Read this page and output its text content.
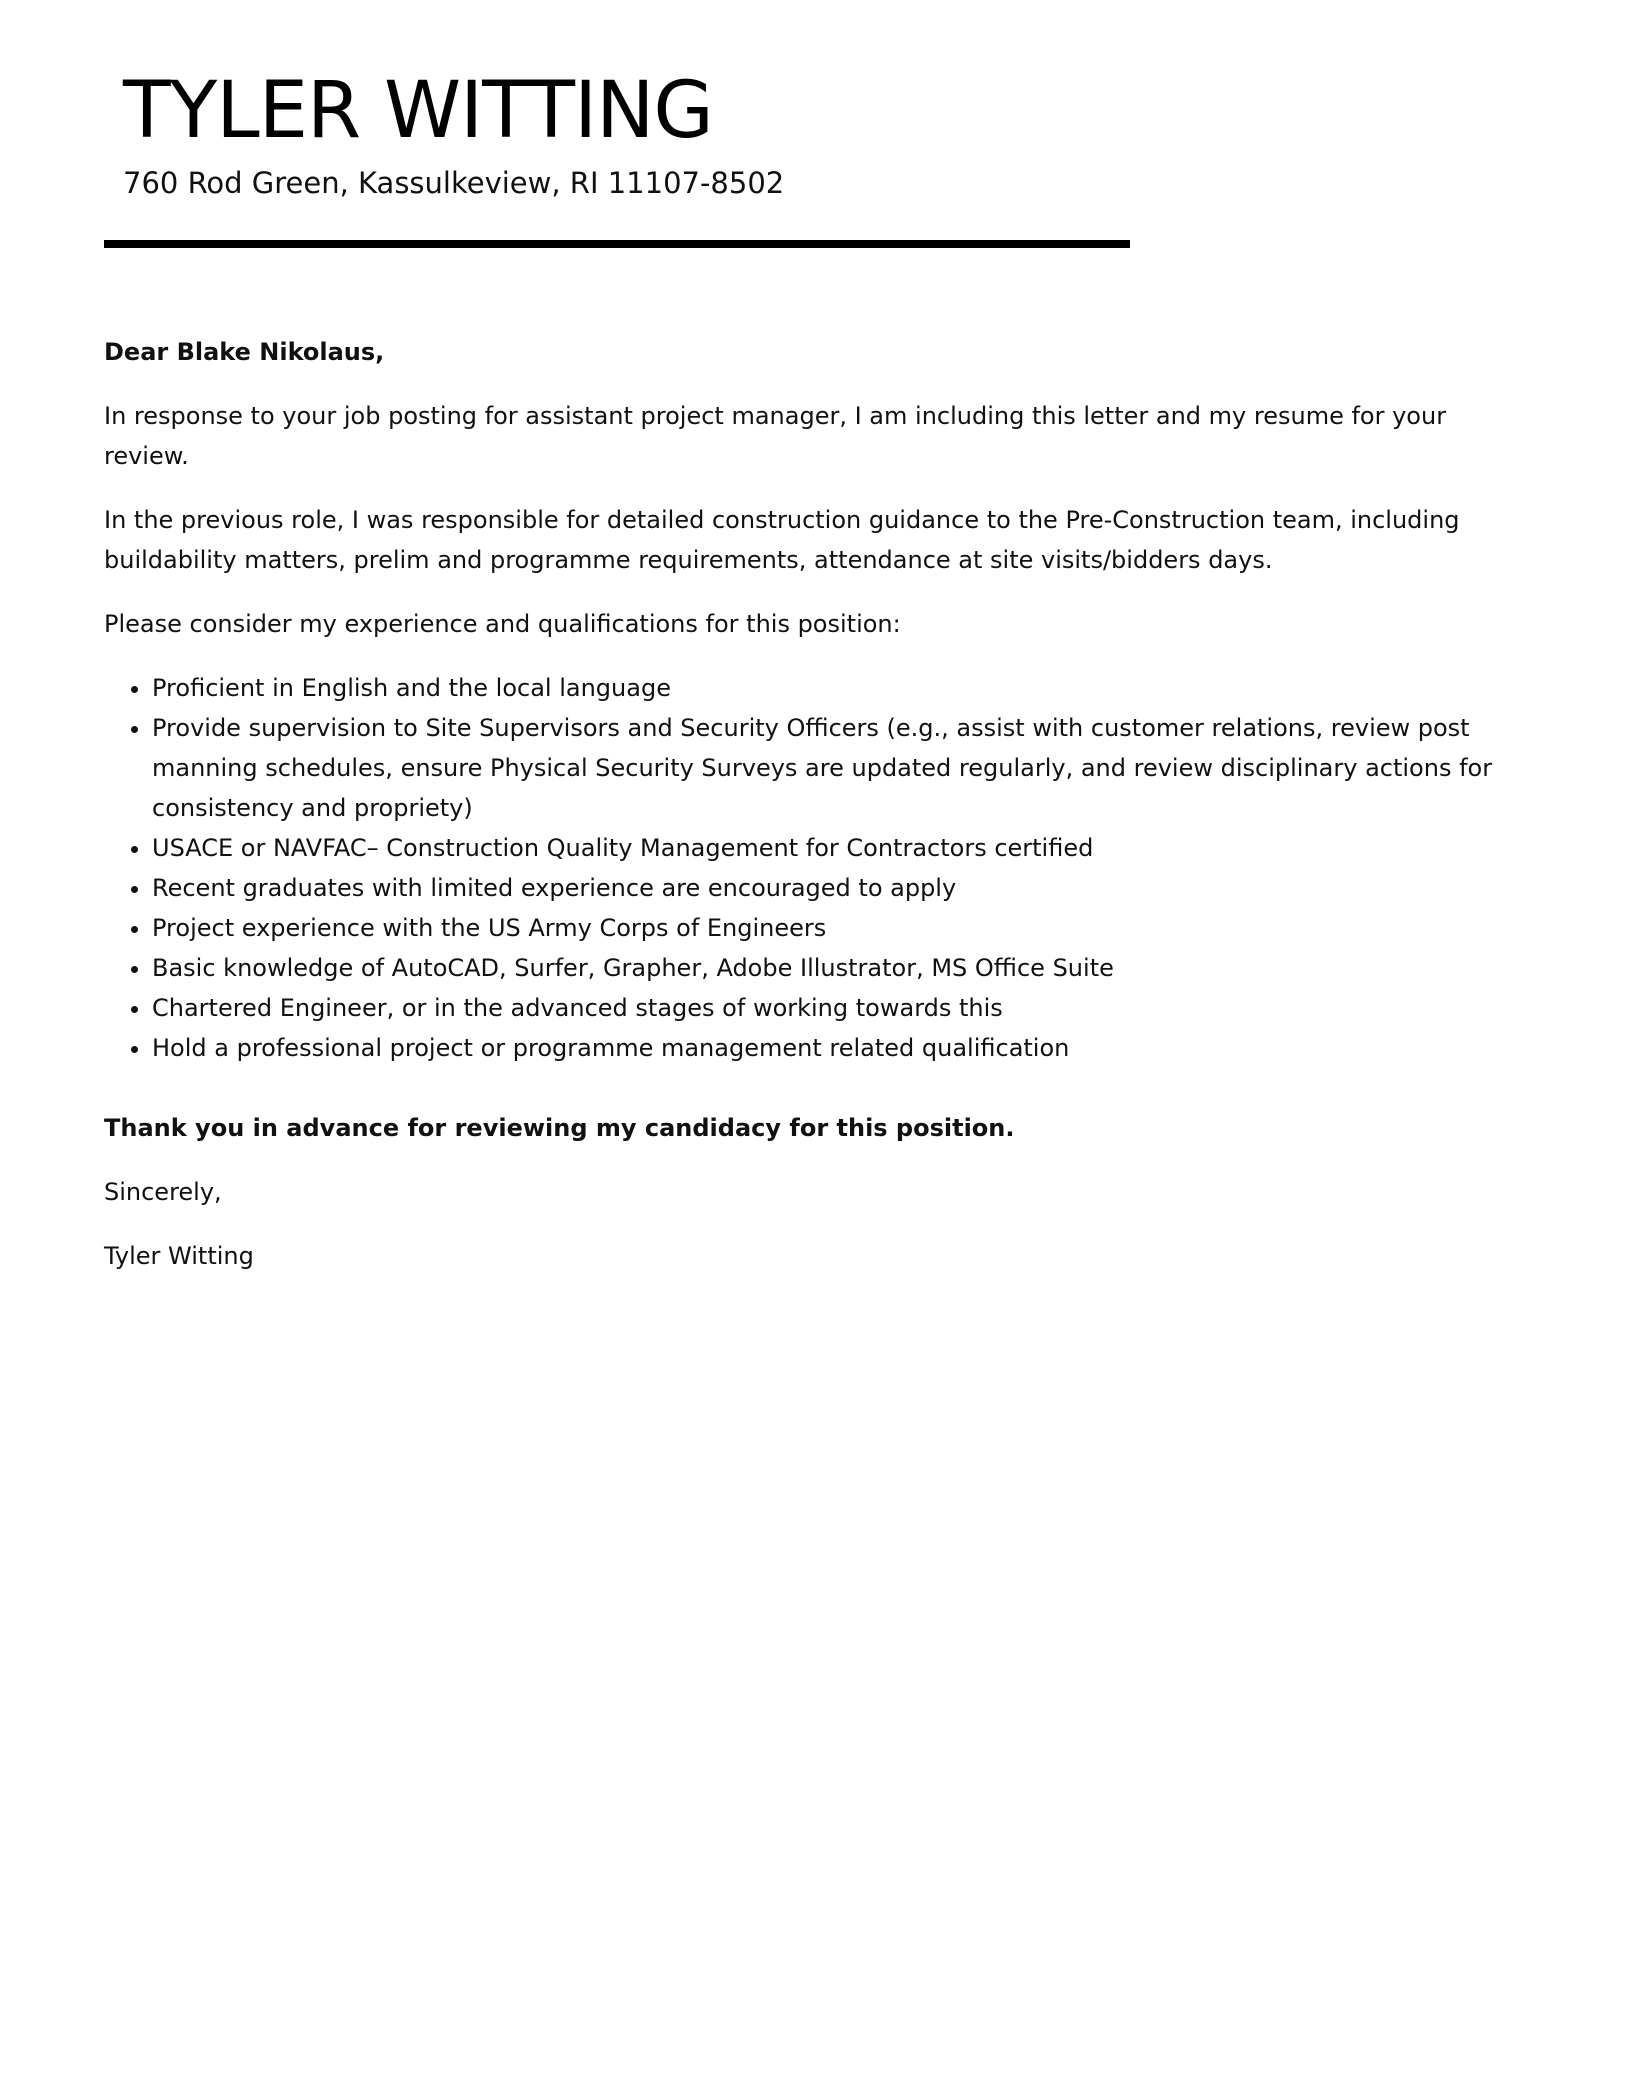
TYLER WITTING
760 Rod Green, Kassulkeview, RI 11107-8502

Dear Blake Nikolaus,

In response to your job posting for assistant project manager, I am including this letter and my resume for your review.

In the previous role, I was responsible for detailed construction guidance to the Pre-Construction team, including buildability matters, prelim and programme requirements, attendance at site visits/bidders days.

Please consider my experience and qualifications for this position:

• Proficient in English and the local language
• Provide supervision to Site Supervisors and Security Officers (e.g., assist with customer relations, review post manning schedules, ensure Physical Security Surveys are updated regularly, and review disciplinary actions for consistency and propriety)
• USACE or NAVFAC– Construction Quality Management for Contractors certified
• Recent graduates with limited experience are encouraged to apply
• Project experience with the US Army Corps of Engineers
• Basic knowledge of AutoCAD, Surfer, Grapher, Adobe Illustrator, MS Office Suite
• Chartered Engineer, or in the advanced stages of working towards this
• Hold a professional project or programme management related qualification

Thank you in advance for reviewing my candidacy for this position.

Sincerely,

Tyler Witting
